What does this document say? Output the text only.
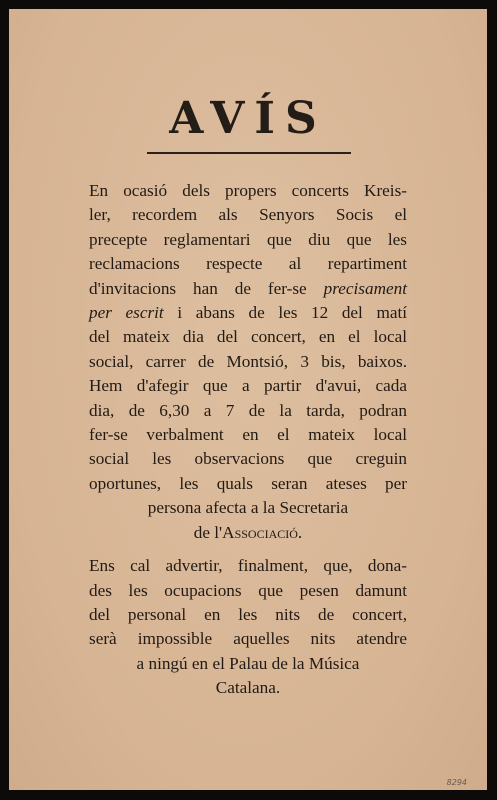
AVÍS
En ocasió dels propers concerts Kreis-
ler, recordem als Senyors Socis el
precepte reglamentari que diu que les
reclamacions respecte al repartiment
d'invitacions han de fer-se precisament
per escrit i abans de les 12 del matí
del mateix dia del concert, en el local
social, carrer de Montsió, 3 bis, baixos.
Hem d'afegir que a partir d'avui, cada
dia, de 6,30 a 7 de la tarda, podran
fer-se verbalment en el mateix local
social les observacions que creguin
oportunes, les quals seran ateses per
persona afecta a la Secretaria
de l'Associació.
Ens cal advertir, finalment, que, dona-
des les ocupacions que pesen damunt
del personal en les nits de concert,
serà impossible aquelles nits atendre
a ningú en el Palau de la Música
Catalana.
8294
